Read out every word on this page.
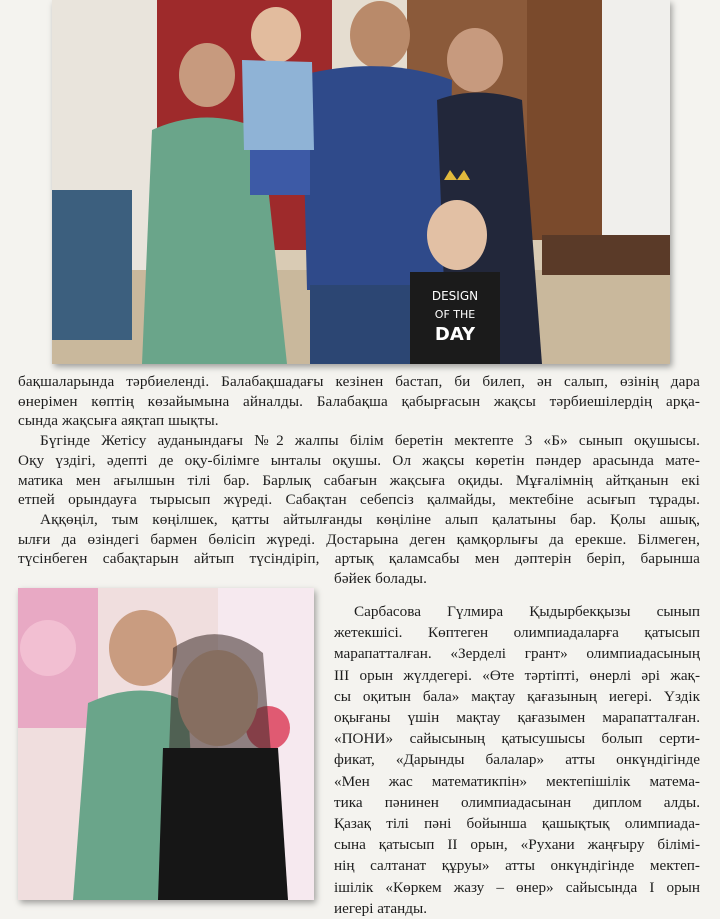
DESIGN
OF THE
DAY

бақшаларында тәрбиеленді. Балабақшадағы кезінен бастап, би билеп, ән салып, өзінің дара

өнерімен көптің көзайымына айналды. Балабақша қабырғасын жақсы тәрбиешілердің арқа-

сында жақсыға аяқтап шықты.

Бүгінде Жетісу ауданындағы №2 жалпы білім беретін мектепте 3 «Б» сынып оқушысы.

Оқу үздігі, әдепті де оқу-білімге ынталы оқушы. Ол жақсы көретін пәндер арасында мате-

матика мен ағылшын тілі бар. Барлық сабағын жақсыға оқиды. Мұғалімнің айтқанын екі

етпей орындауға тырысып жүреді. Сабақтан себепсіз қалмайды, мектебіне асығып тұрады.

Аққөңіл, тым көңілшек, қатты айтылғанды көңіліне алып қалатыны бар. Қолы ашық,

ылғи да өзіндегі бармен бөлісіп жүреді. Достарына деген қамқорлығы да ерекше. Білмеген,

түсінбеген сабақтарын айтып түсіндіріп, артық қаламсабы мен дәптерін беріп, барынша

бәйек болады.

Сарбасова Гүлмира Қыдырбекқызы сынып

жетекшісі. Көптеген олимпиадаларға қатысып

марапатталған. «Зерделі грант» олимпиадасының

ІІІ орын жүлдегері. «Өте тәртіпті, өнерлі әрі жақ-

сы оқитын бала» мақтау қағазының иегері. Үздік

оқығаны үшін мақтау қағазымен марапатталған.

«ПОНИ» сайысының қатысушысы болып серти-

фикат, «Дарынды балалар» атты онкүндігінде

«Мен жас математикпін» мектепішілік матема-

тика пәнинен олимпиадасынан диплом алды.

Қазақ тілі пәні бойынша қашықтық олимпиада-

сына қатысып ІІ орын, «Рухани жаңғыру білімі-

нің салтанат құруы» атты онкүндігінде мектеп-

ішілік «Көркем жазу – өнер» сайысында І орын

иегері атанды.
